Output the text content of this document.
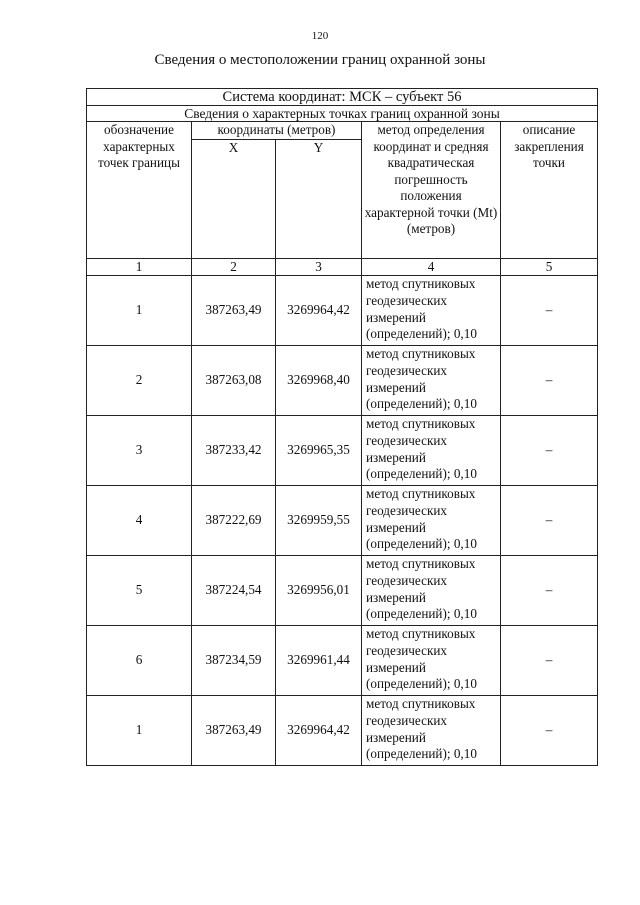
120
Сведения о местоположении границ охранной зоны
Система координат: МСК – субъект 56				
Сведения о характерных точках границ охранной зоны				
обозначение характерных точек границы	координаты (метров)		метод определения координат и средняя квадратическая погрешность положения характерной точки (Mt) (метров)	описание закрепления точки
	X	Y		
1	2	3	4	5
1	387263,49	3269964,42	метод спутниковых геодезических измерений (определений); 0,10	–
2	387263,08	3269968,40	метод спутниковых геодезических измерений (определений); 0,10	–
3	387233,42	3269965,35	метод спутниковых геодезических измерений (определений); 0,10	–
4	387222,69	3269959,55	метод спутниковых геодезических измерений (определений); 0,10	–
5	387224,54	3269956,01	метод спутниковых геодезических измерений (определений); 0,10	–
6	387234,59	3269961,44	метод спутниковых геодезических измерений (определений); 0,10	–
1	387263,49	3269964,42	метод спутниковых геодезических измерений (определений); 0,10	–
